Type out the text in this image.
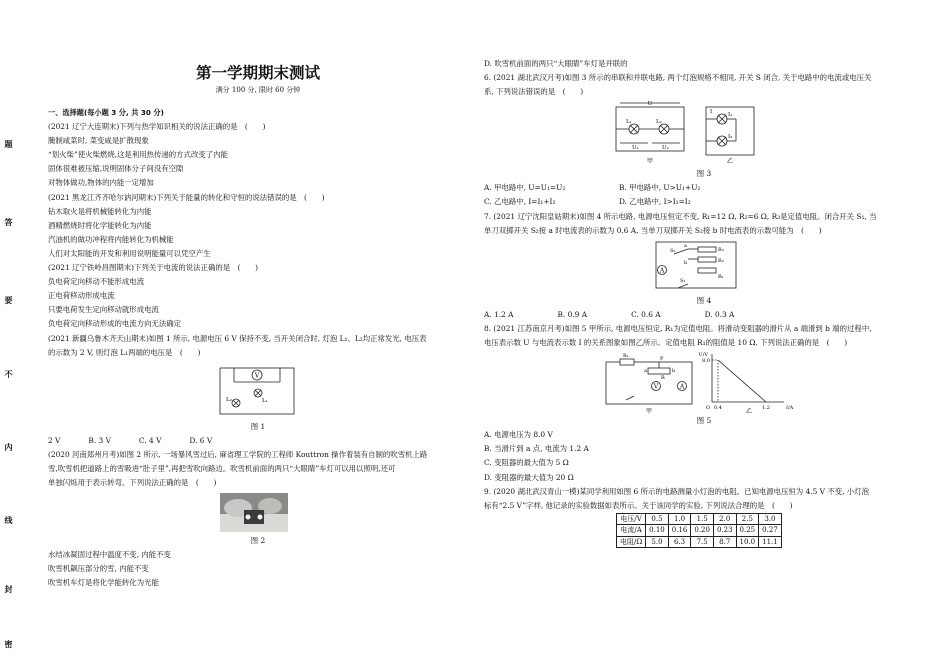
题
答
要
不
内
线
封
密

第一学期期末测试

满分 100 分, 限时 60 分钟

一、选择题(每小题 3 分, 共 30 分)

(2021 辽宁大连期末)下列与热学知识相关的说法正确的是　(　　)

腌制咸菜时, 菜变咸是扩散现象

“划火柴”使火柴燃烧,这是利用热传递的方式改变了内能

固体很难被压缩,说明固体分子间没有空隙

对物体做功,物体的内能一定增加

(2021 黑龙江齐齐哈尔讷河期末)下列关于能量的转化和守恒的说法错误的是　(　　)

钻木取火是将机械能转化为内能

酒精燃烧时将化学能转化为内能

汽油机的做功冲程将内能转化为机械能

人们对太阳能的开发和利用说明能量可以凭空产生

(2021 辽宁铁岭昌图期末)下列关于电流的说法正确的是　(　　)

负电荷定向移动不能形成电流

正电荷移动形成电流

只要电荷发生定向移动就形成电流

负电荷定向移动形成的电流方向无法确定

(2021 新疆乌鲁木齐天山期末)如图 1 所示, 电源电压 6 V 保持不变, 当开关闭合时, 灯泡 L₁、L₂均正常发光, 电压表

的示数为 2 V, 则灯泡 L₁两端的电压是　(　　)

V
L₂	L₁

图 1

2 V	B. 3 V	C. 4 V	D. 6 V

(2020 河南郑州月考)如图 2 所示, 一场暴风雪过后, 麻省理工学院的工程师 Kouttron 操作着装有自制的吹雪机上路

雪,吹雪机把道路上的雪吸进“肚子里”,再把雪吹向路边。吹雪机前面的两只“大眼睛”车灯可以用以照明,还可

单独闪烁用于表示转弯。下列说法正确的是　(　　)

图 2

水结冰凝固过程中温度不变, 内能不变

吹雪机飙压部分的雪, 内能不变

吹雪机车灯是将化学能转化为光能

D. 吹雪机前面的两只“大眼睛”车灯是并联的

6. (2021 湖北武汉月考)如图 3 所示的串联和并联电路, 两个灯泡规格不相同, 开关 S 闭合, 关于电路中的电流或电压关

系, 下列说法错误的是　(　　)

U
L₁	L₂
U₁	U₂
I	I₁
I₂
甲	乙

图 3

A. 甲电路中, U=U₁=U₂	B. 甲电路中, U>U₁+U₂

C. 乙电路中, I=I₁+I₂	D. 乙电路中, I>I₁=I₂

7. (2021 辽宁沈阳皇姑期末)如图 4 所示电路, 电源电压恒定不变, R₁=12 Ω, R₂=6 Ω, R₃是定值电阻。闭合开关 S₁, 当

单刀双掷开关 S₂接 a 时电流表的示数为 0.6 A, 当单刀双掷开关 S₂接 b 时电流表的示数可能为　(　　)

A
a
b
R₃
R₂
R₁
S₂
S₁

图 4

A. 1.2 A	B. 0.9 A	C. 0.6 A	D. 0.3 A

8. (2021 江苏南京月考)如图 5 甲所示, 电源电压恒定, R₁为定值电阻。将滑动变阻器的滑片从 a 端滑到 b 端的过程中,

电压表示数 U 与电流表示数 I 的关系图象如图乙所示。定值电阻 R₁的阻值是 10 Ω, 下列说法正确的是　(　　)

V	A
R₁
a	b
P
R
U/V
8.0
O 0.4	1.2	I/A
甲	乙

图 5

A. 电源电压为 8.0 V

B. 当滑片到 a 点, 电流为 1.2 A

C. 变阻器的最大值为 5 Ω

D. 变阻器的最大值为 20 Ω

9. (2020 湖北武汉青山一模)某同学利用如图 6 所示的电路测量小灯泡的电阻。已知电源电压恒为 4.5 V 不变, 小灯泡

标有“2.5 V”字样, 他记录的实验数据如表所示。关于该同学的实验, 下列说法合理的是　(　　)

电压/V	0.5	1.0	1.5	2.0	2.5	3.0
电流/A	0.10	0.16	0.20	0.23	0.25	0.27
电阻/Ω	5.0	6.3	7.5	8.7	10.0	11.1
